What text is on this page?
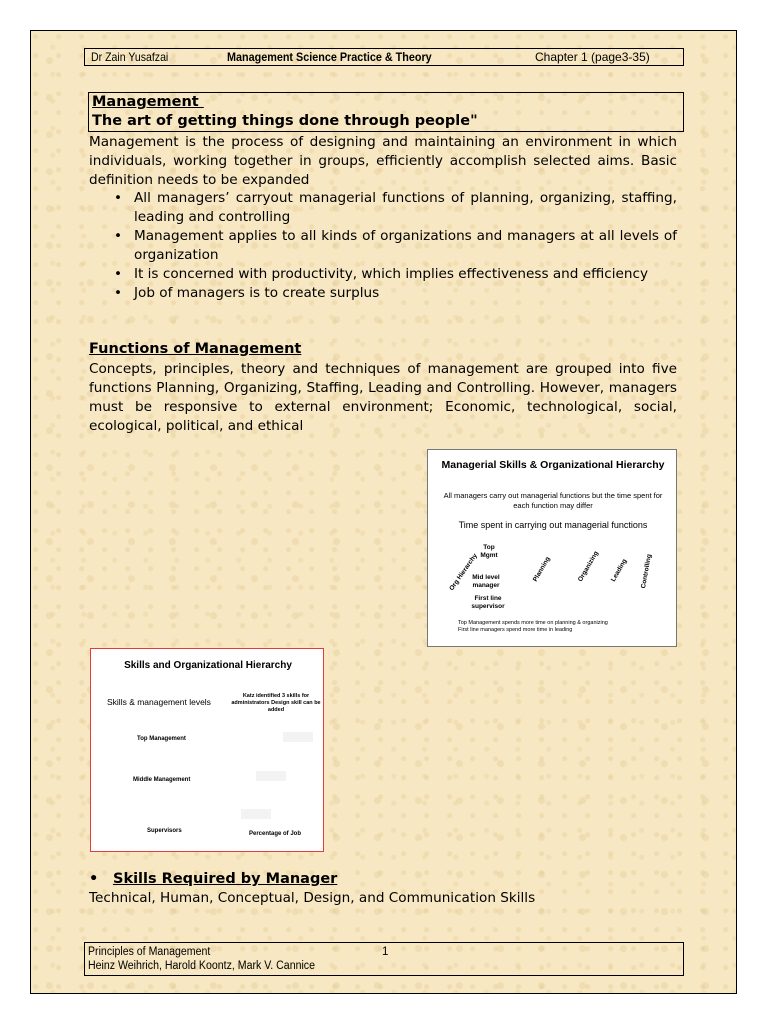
Dr Zain Yusafzai	Management Science Practice & Theory	Chapter 1 (page3-35)
Management
The art of getting things done through people"
Management is the process of designing and maintaining an environment in which individuals, working together in groups, efficiently accomplish selected aims. Basic definition needs to be expanded
• All managers’ carryout managerial functions of planning, organizing, staffing, leading and controlling
• Management applies to all kinds of organizations and managers at all levels of organization
• It is concerned with productivity, which implies effectiveness and efficiency
• Job of managers is to create surplus
Functions of Management
Concepts, principles, theory and techniques of management are grouped into five functions Planning, Organizing, Staffing, Leading and Controlling. However, managers must be responsive to external environment; Economic, technological, social, ecological, political, and ethical
Managerial Skills & Organizational Hierarchy
All managers carry out managerial functions but the time spent for each function may differ
Time spent in carrying out managerial functions
Org Hierarchy
Top Mgmt
Mid level manager
First line supervisor
Planning	Organizing Leading Controlling
Top Management spends more time on planning & organizing
First line managers spend more time in leading
Skills and Organizational Hierarchy
Skills & management levels
Katz identified 3 skills for administrators Design skill can be added
Top Management
Middle Management
Supervisors	Percentage of Job
• Skills Required by Manager
Technical, Human, Conceptual, Design, and Communication Skills
Principles of Management	1
Heinz Weihrich, Harold Koontz, Mark V. Cannice
